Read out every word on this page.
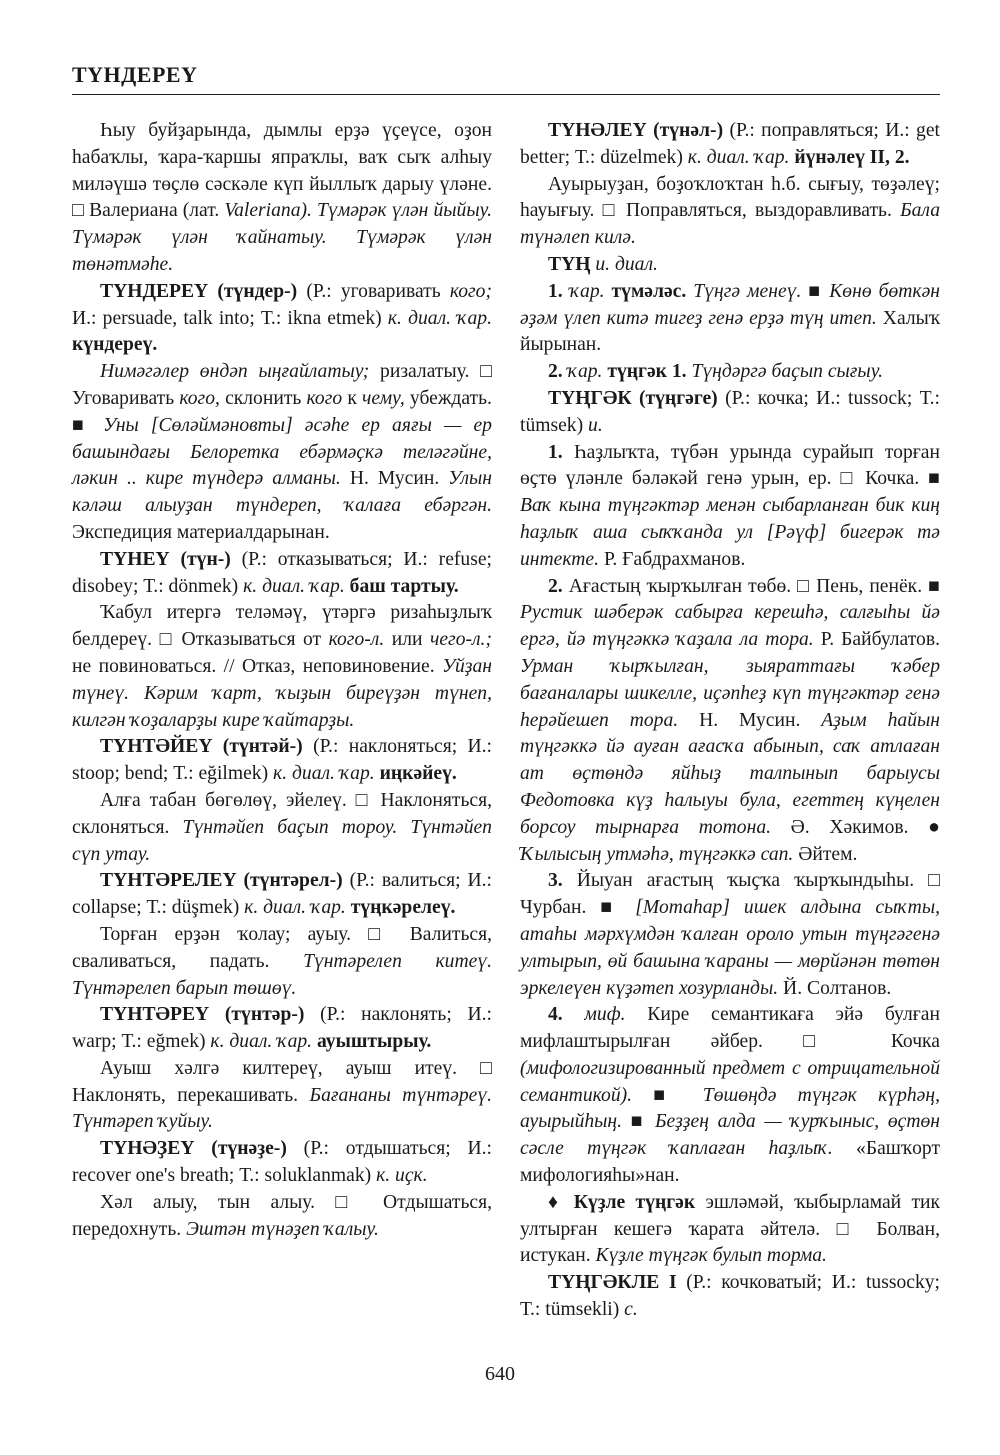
ТҮНДЕРЕҮ

Һыу буйҙарында, дымлы ерҙә үҫеүсе, оҙон һабаҡлы, ҡара-ҡаршы япраҡлы, ваҡ сыҡ алһыу миләүшә төҫлө сәскәле күп йыллыҡ дарыу үләне. □ Валериана (лат. Valeriana). Түмәрәк үлән йыйыу. Түмәрәк үлән ҡайнатыу. Түмәрәк үлән төнәтмәһе.

ТҮНДЕРЕҮ (түндер-) (Р.: уговаривать кого; И.: persuade, talk into; Т.: ikna etmek) к. диал. ҡар. күндереү.

Нимәгәлер өндәп ыңғайлатыу; ризалатыу. □ Уговаривать кого, склонить кого к чему, убеждать. ■ Уны [Сөләймәновты] әсәһе ер аяғы — ер башындағы Белоретка ебәрмәҫкә теләгәйне, ләкин .. кире түндерә алманы. Н. Мусин. Улын кәләш алыуҙан түндереп, ҡалаға ебәргән. Экспедиция материалдарынан.

ТҮНЕҮ (түн-) (Р.: отказываться; И.: refuse; disobey; Т.: dönmek) к. диал. ҡар. баш тартыу.

Ҡабул итергә теләмәү, үтәргә ризаһыҙлыҡ белдереү. □ Отказываться от кого-л. или чего-л.; не повиноваться. // Отказ, неповиновение. Уйҙан түнеү. Кәрим ҡарт, ҡыҙын биреүҙән түнеп, килгән ҡоҙаларҙы кире ҡайтарҙы.

ТҮНТӘЙЕҮ (түнтәй-) (Р.: наклоняться; И.: stoop; bend; Т.: eğilmek) к. диал. ҡар. иңкәйеү.

Алға табан бөгөлөү, эйелеү. □ Наклоняться, склоняться. Түнтәйеп баҫып тороу. Түнтәйеп сүп утау.

ТҮНТӘРЕЛЕҮ (түнтәрел-) (Р.: валиться; И.: collapse; Т.: düşmek) к. диал. ҡар. түңкәрелеү.

Торған ерҙән ҡолау; ауыу. □ Валиться, сваливаться, падать. Түнтәрелеп китеү. Түнтәрелеп барып төшөү.

ТҮНТӘРЕҮ (түнтәр-) (Р.: наклонять; И.: warp; Т.: eğmek) к. диал. ҡар. ауыштырыу.

Ауыш хәлгә килтереү, ауыш итеү. □ Наклонять, перекашивать. Бағананы түнтәреү. Түнтәреп ҡуйыу.

ТҮНӘҘЕҮ (түнәҙе-) (Р.: отдышаться; И.: recover one's breath; Т.: soluklanmak) к. иҫк.

Хәл алыу, тын алыу. □ Отдышаться, передохнуть. Эштән түнәҙеп ҡалыу.

ТҮНӘЛЕҮ (түнәл-) (Р.: поправляться; И.: get better; Т.: düzelmek) к. диал. ҡар. йүнәлеү II, 2.

Ауырыуҙан, боҙоҡлоҡтан һ.б. сығыу, төҙәлеү; һауығыу. □ Поправляться, выздоравливать. Бала түнәлеп килә.

ТҮҢ и. диал.

1. ҡар. түмәләс. Түңгә менеү. ■ Көнө бөткән әҙәм үлеп китә тигеҙ генә ерҙә түң итеп. Халыҡ йырынан.

2. ҡар. түңгәк 1. Түңдәргә баҫып сығыу.

ТҮҢГӘК (түңгәге) (Р.: кочка; И.: tussock; Т.: tümsek) и.

1. Һаҙлыҡта, түбән урында сурайып торған өҫтө үләнле бәләкәй генә урын, ер. □ Кочка. ■ Ваҡ кына түңгәктәр менән сыбарланған бик киң һаҙлыҡ аша сыҡҡанда ул [Рәүф] бигерәк тә интекте. Р. Ғабдрахманов.

2. Ағастың ҡырҡылған төбө. □ Пень, пенёк. ■ Рустик шәберәк сабырға керешһә, салғыһы йә ергә, йә түңгәккә ҡаҙала ла тора. Р. Байбулатов. Урман ҡырҡылған, зыяраттағы ҡәбер бағаналары шикелле, иҫәпһеҙ күп түңгәктәр генә һерәйешеп тора. Н. Мусин. Аҙым һайын түңгәккә йә ауған ағасҡа абынып, саҡ атлаған ат өҫтөндә яйһыҙ талпынып барыусы Федотовка күҙ һалыуы була, егеттең күңелен борсоу тырнарға тотона. Ә. Хәкимов. ● Ҡылысың утмәһә, түңгәккә сап. Әйтем.

3. Йыуан ағастың ҡыҫҡа ҡырҡындыһы. □ Чурбан. ■ [Мотаһар] ишек алдына сыҡты, атаһы мәрхүмдән ҡалған ороло утын түңгәгенә ултырып, өй башына ҡараны — мөрйәнән төтөн эркелеүен күҙәтеп хозурланды. Й. Солтанов.

4. миф. Кире семантикаға эйә булған мифлаштырылған әйбер. □ Кочка (мифологизированный предмет с отрицательной семантикой). ■ Төшөңдә түңгәк күрһәң, ауырыйһың. ■ Беҙҙең алда — ҡурҡыныс, өҫтөн сәсле түңгәк ҡаплаған һаҙлыҡ. «Башҡорт мифологияһы»нан.

♦ Күҙле түңгәк эшләмәй, ҡыбырламай тик ултырған кешегә ҡарата әйтелә. □ Болван, истукан. Күҙле түңгәк булып торма.

ТҮҢГӘКЛЕ I (Р.: кочковатый; И.: tussocky; Т.: tümsekli) с.

640
